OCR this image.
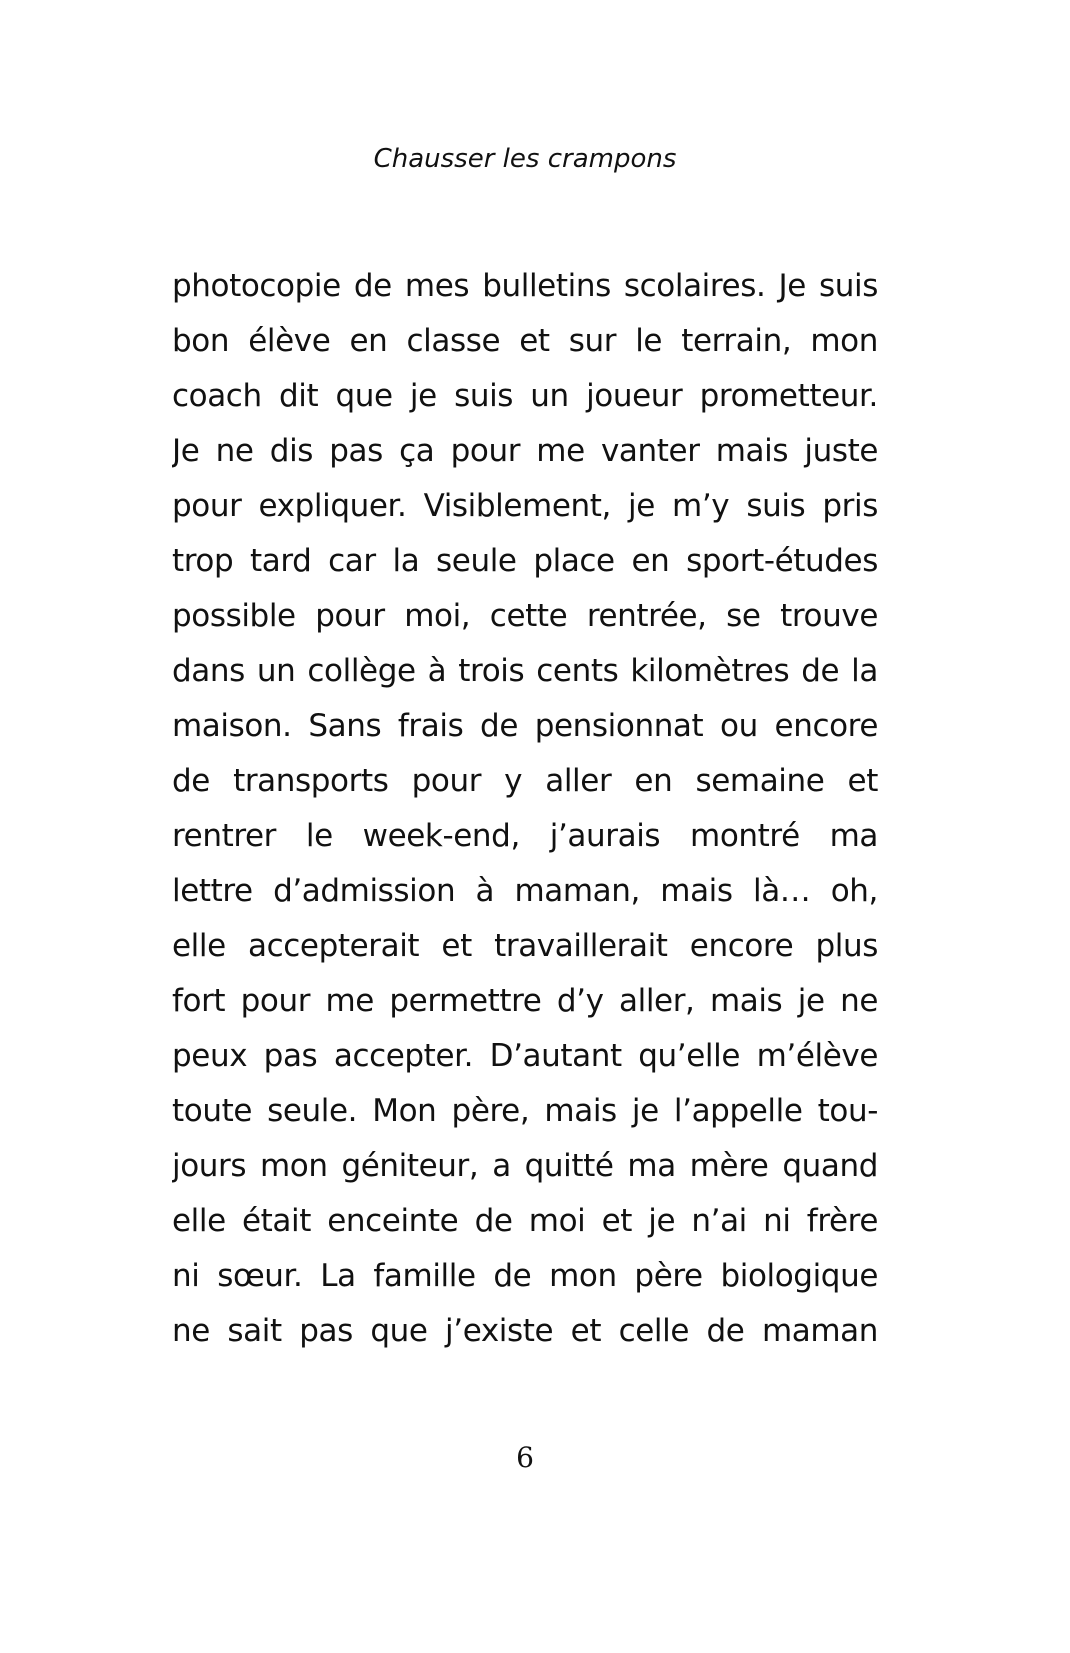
Chausser les crampons
photocopie de mes bulletins scolaires. Je suis
bon élève en classe et sur le terrain, mon
coach dit que je suis un joueur prometteur.
Je ne dis pas ça pour me vanter mais juste
pour expliquer. Visiblement, je m’y suis pris
trop tard car la seule place en sport-études
possible pour moi, cette rentrée, se trouve
dans un collège à trois cents kilomètres de la
maison. Sans frais de pensionnat ou encore
de transports pour y aller en semaine et
rentrer le week-end, j’aurais montré ma
lettre d’admission à maman, mais là… oh,
elle accepterait et travaillerait encore plus
fort pour me permettre d’y aller, mais je ne
peux pas accepter. D’autant qu’elle m’élève
toute seule. Mon père, mais je l’appelle tou-
jours mon géniteur, a quitté ma mère quand
elle était enceinte de moi et je n’ai ni frère
ni sœur. La famille de mon père biologique
ne sait pas que j’existe et celle de maman
6
